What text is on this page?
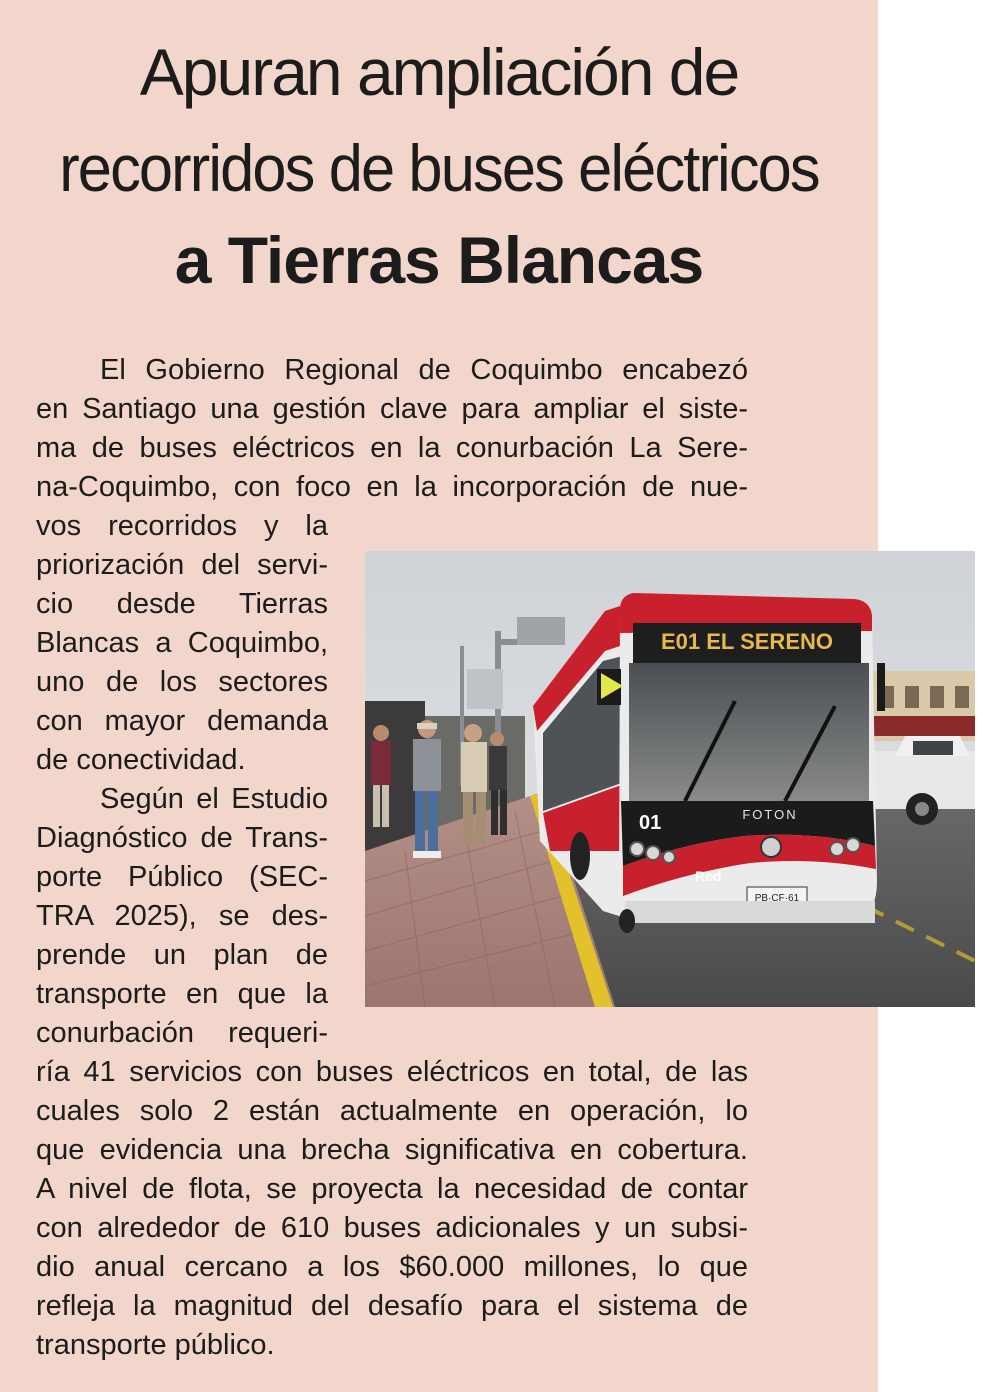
Apuran ampliación de
recorridos de buses eléctricos
a Tierras Blancas
El Gobierno Regional de Coquimbo encabezó
en Santiago una gestión clave para ampliar el siste-
ma de buses eléctricos en la conurbación La Sere-
na-Coquimbo, con foco en la incorporación de nue-
vos recorridos y la
priorización del servi-
cio desde Tierras
Blancas a Coquimbo,
uno de los sectores
con mayor demanda
de conectividad.
Según el Estudio
Diagnóstico de Trans-
porte Público (SEC-
TRA 2025), se des-
prende un plan de
transporte en que la
conurbación requeri-
ría 41 servicios con buses eléctricos en total, de las
cuales solo 2 están actualmente en operación, lo
que evidencia una brecha significativa en cobertura.
A nivel de flota, se proyecta la necesidad de contar
con alrededor de 610 buses adicionales y un subsi-
dio anual cercano a los $60.000 millones, lo que
refleja la magnitud del desafío para el sistema de
transporte público.
E01 EL SERENO
01	FOTON
Red
PB·CF·61
